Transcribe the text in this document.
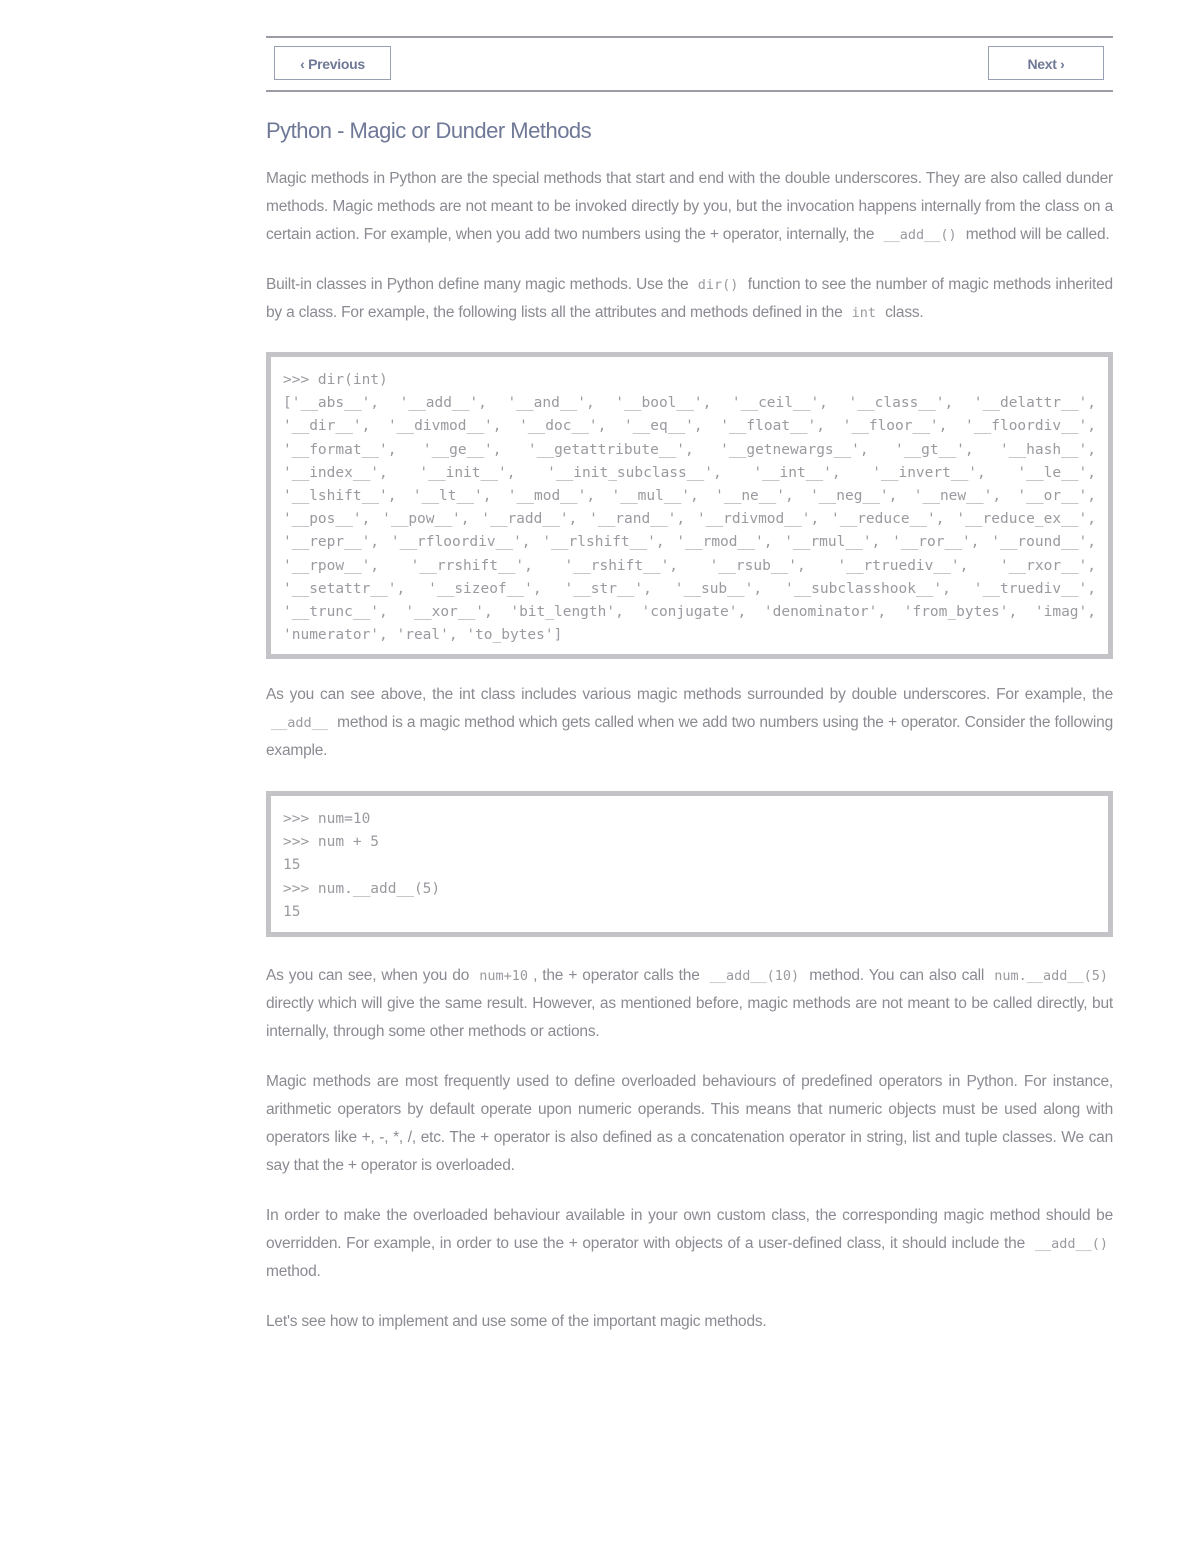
‹ Previous	Next ›
Python - Magic or Dunder Methods

Magic methods in Python are the special methods that start and end with the double underscores. They are also called dunder methods. Magic methods are not meant to be invoked directly by you, but the invocation happens internally from the class on a certain action. For example, when you add two numbers using the + operator, internally, the __add__() method will be called.

Built-in classes in Python define many magic methods. Use the dir() function to see the number of magic methods inherited by a class. For example, the following lists all the attributes and methods defined in the int class.

>>> dir(int)
['__abs__', '__add__', '__and__', '__bool__', '__ceil__', '__class__', '__delattr__', '__dir__', '__divmod__', '__doc__', '__eq__', '__float__', '__floor__', '__floordiv__', '__format__', '__ge__', '__getattribute__', '__getnewargs__', '__gt__', '__hash__', '__index__', '__init__', '__init_subclass__', '__int__', '__invert__', '__le__', '__lshift__', '__lt__', '__mod__', '__mul__', '__ne__', '__neg__', '__new__', '__or__', '__pos__', '__pow__', '__radd__', '__rand__', '__rdivmod__', '__reduce__', '__reduce_ex__', '__repr__', '__rfloordiv__', '__rlshift__', '__rmod__', '__rmul__', '__ror__', '__round__', '__rpow__', '__rrshift__', '__rshift__', '__rsub__', '__rtruediv__', '__rxor__', '__setattr__', '__sizeof__', '__str__', '__sub__', '__subclasshook__', '__truediv__', '__trunc__', '__xor__', 'bit_length', 'conjugate', 'denominator', 'from_bytes', 'imag', 'numerator', 'real', 'to_bytes']

As you can see above, the int class includes various magic methods surrounded by double underscores. For example, the __add__ method is a magic method which gets called when we add two numbers using the + operator. Consider the following example.

>>> num=10
>>> num + 5
15
>>> num.__add__(5)
15

As you can see, when you do num+10 , the + operator calls the __add__(10) method. You can also call num.__add__(5) directly which will give the same result. However, as mentioned before, magic methods are not meant to be called directly, but internally, through some other methods or actions.

Magic methods are most frequently used to define overloaded behaviours of predefined operators in Python. For instance, arithmetic operators by default operate upon numeric operands. This means that numeric objects must be used along with operators like +, -, *, /, etc. The + operator is also defined as a concatenation operator in string, list and tuple classes. We can say that the + operator is overloaded.

In order to make the overloaded behaviour available in your own custom class, the corresponding magic method should be overridden. For example, in order to use the + operator with objects of a user-defined class, it should include the __add__() method.

Let's see how to implement and use some of the important magic methods.
